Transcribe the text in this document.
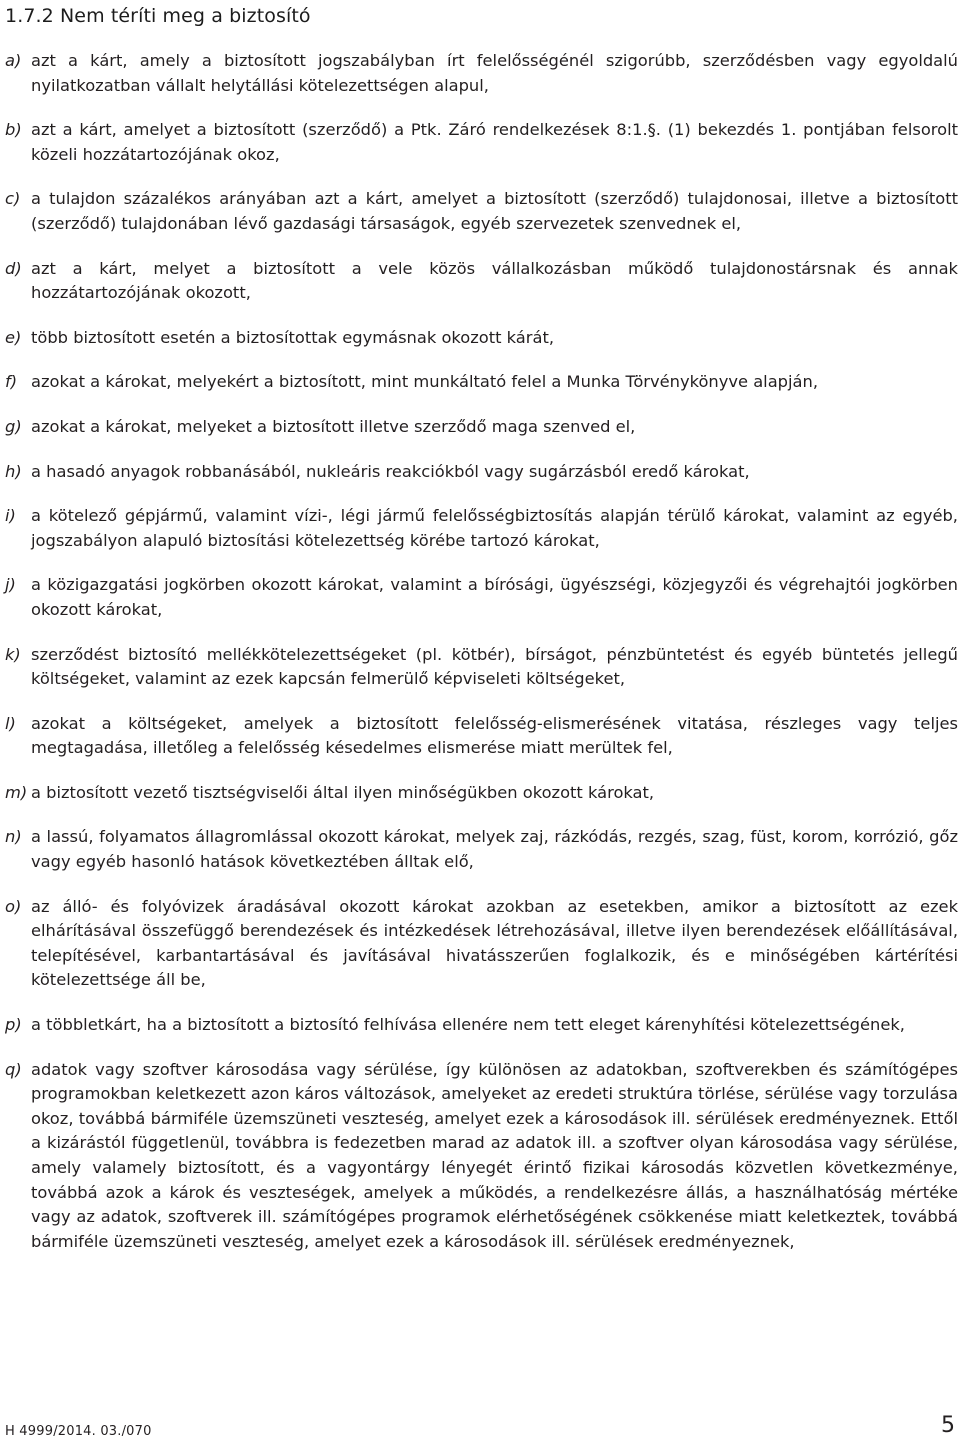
1.7.2 Nem téríti meg a biztosító
a) azt a kárt, amely a biztosított jogszabályban írt felelősségénél szigorúbb, szerződésben vagy egyoldalú nyilatkozatban vállalt helytállási kötelezettségen alapul,
b) azt a kárt, amelyet a biztosított (szerződő) a Ptk. Záró rendelkezések 8:1.§. (1) bekezdés 1. pontjában felsorolt közeli hozzátartozójának okoz,
c) a tulajdon százalékos arányában azt a kárt, amelyet a biztosított (szerződő) tulajdonosai, illetve a biztosított (szerződő) tulajdonában lévő gazdasági társaságok, egyéb szervezetek szenvednek el,
d) azt a kárt, melyet a biztosított a vele közös vállalkozásban működő tulajdonostársnak és annak hozzátartozójának okozott,
e) több biztosított esetén a biztosítottak egymásnak okozott kárát,
f) azokat a károkat, melyekért a biztosított, mint munkáltató felel a Munka Törvénykönyve alapján,
g) azokat a károkat, melyeket a biztosított illetve szerződő maga szenved el,
h) a hasadó anyagok robbanásából, nukleáris reakciókból vagy sugárzásból eredő károkat,
i) a kötelező gépjármű, valamint vízi-, légi jármű felelősségbiztosítás alapján térülő károkat, valamint az egyéb, jogszabályon alapuló biztosítási kötelezettség körébe tartozó károkat,
j) a közigazgatási jogkörben okozott károkat, valamint a bírósági, ügyészségi, közjegyzői és végrehajtói jogkörben okozott károkat,
k) szerződést biztosító mellékkötelezettségeket (pl. kötbér), bírságot, pénzbüntetést és egyéb büntetés jellegű költségeket, valamint az ezek kapcsán felmerülő képviseleti költségeket,
l) azokat a költségeket, amelyek a biztosított felelősség-elismerésének vitatása, részleges vagy teljes megtagadása, illetőleg a felelősség késedelmes elismerése miatt merültek fel,
m) a biztosított vezető tisztségviselői által ilyen minőségükben okozott károkat,
n) a lassú, folyamatos állagromlással okozott károkat, melyek zaj, rázkódás, rezgés, szag, füst, korom, korrózió, gőz vagy egyéb hasonló hatások következtében álltak elő,
o) az álló- és folyóvizek áradásával okozott károkat azokban az esetekben, amikor a biztosított az ezek elhárításával összefüggő berendezések és intézkedések létrehozásával, illetve ilyen berendezések előállításával, telepítésével, karbantartásával és javításával hivatásszerűen foglalkozik, és e minőségében kártérítési kötelezettsége áll be,
p) a többletkárt, ha a biztosított a biztosító felhívása ellenére nem tett eleget kárenyhítési kötelezettségének,
q) adatok vagy szoftver károsodása vagy sérülése, így különösen az adatokban, szoftverekben és számítógépes programokban keletkezett azon káros változások, amelyeket az eredeti struktúra törlése, sérülése vagy torzulása okoz, továbbá bármiféle üzemszüneti veszteség, amelyet ezek a károsodások ill. sérülések eredményeznek. Ettől a kizárástól függetlenül, továbbra is fedezetben marad az adatok ill. a szoftver olyan károsodása vagy sérülése, amely valamely biztosított, és a vagyontárgy lényegét érintő fizikai károsodás közvetlen következménye, továbbá azok a károk és veszteségek, amelyek a működés, a rendelkezésre állás, a használhatóság mértéke vagy az adatok, szoftverek ill. számítógépes programok elérhetőségének csökkenése miatt keletkeztek, továbbá bármiféle üzemszüneti veszteség, amelyet ezek a károsodások ill. sérülések eredményeznek,
H 4999/2014. 03./070	5
